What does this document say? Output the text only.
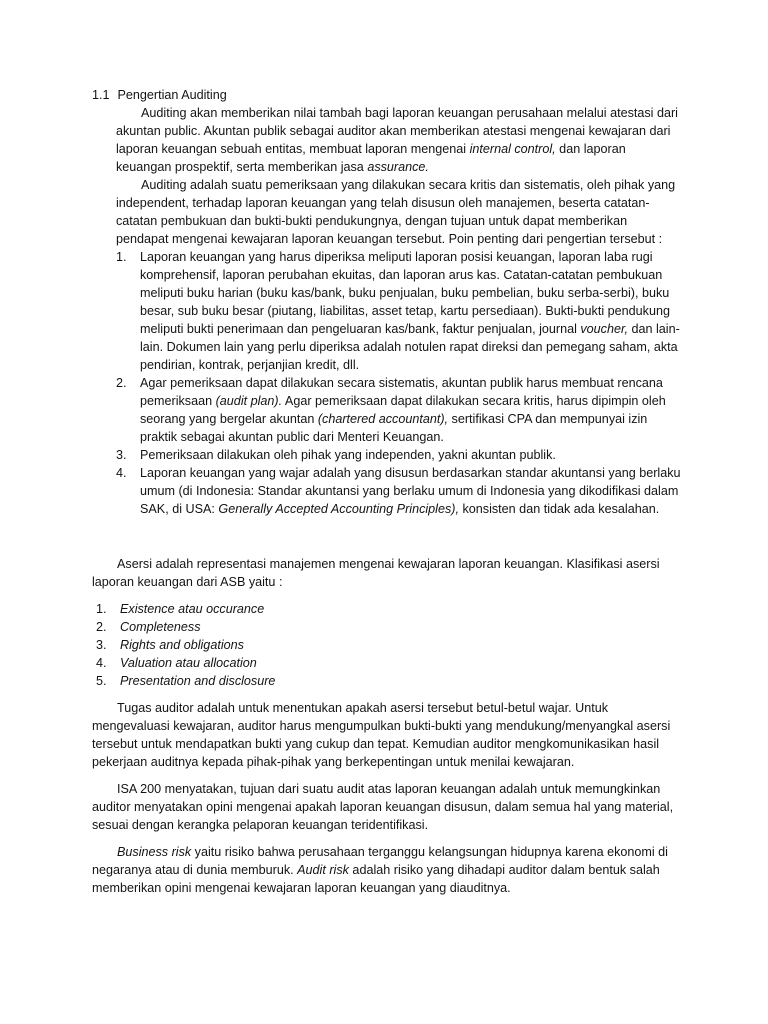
1.1 Pengertian Auditing

Auditing akan memberikan nilai tambah bagi laporan keuangan perusahaan melalui atestasi dari akuntan public. Akuntan publik sebagai auditor akan memberikan atestasi mengenai kewajaran dari laporan keuangan sebuah entitas, membuat laporan mengenai internal control, dan laporan keuangan prospektif, serta memberikan jasa assurance.

Auditing adalah suatu pemeriksaan yang dilakukan secara kritis dan sistematis, oleh pihak yang independent, terhadap laporan keuangan yang telah disusun oleh manajemen, beserta catatan-catatan pembukuan dan bukti-bukti pendukungnya, dengan tujuan untuk dapat memberikan pendapat mengenai kewajaran laporan keuangan tersebut. Poin penting dari pengertian tersebut :

1. Laporan keuangan yang harus diperiksa meliputi laporan posisi keuangan, laporan laba rugi komprehensif, laporan perubahan ekuitas, dan laporan arus kas. Catatan-catatan pembukuan meliputi buku harian (buku kas/bank, buku penjualan, buku pembelian, buku serba-serbi), buku besar, sub buku besar (piutang, liabilitas, asset tetap, kartu persediaan). Bukti-bukti pendukung meliputi bukti penerimaan dan pengeluaran kas/bank, faktur penjualan, journal voucher, dan lain-lain. Dokumen lain yang perlu diperiksa adalah notulen rapat direksi dan pemegang saham, akta pendirian, kontrak, perjanjian kredit, dll.
2. Agar pemeriksaan dapat dilakukan secara sistematis, akuntan publik harus membuat rencana pemeriksaan (audit plan). Agar pemeriksaan dapat dilakukan secara kritis, harus dipimpin oleh seorang yang bergelar akuntan (chartered accountant), sertifikasi CPA dan mempunyai izin praktik sebagai akuntan public dari Menteri Keuangan.
3. Pemeriksaan dilakukan oleh pihak yang independen, yakni akuntan publik.
4. Laporan keuangan yang wajar adalah yang disusun berdasarkan standar akuntansi yang berlaku umum (di Indonesia: Standar akuntansi yang berlaku umum di Indonesia yang dikodifikasi dalam SAK, di USA: Generally Accepted Accounting Principles), konsisten dan tidak ada kesalahan.

Asersi adalah representasi manajemen mengenai kewajaran laporan keuangan. Klasifikasi asersi laporan keuangan dari ASB yaitu :

1. Existence atau occurance
2. Completeness
3. Rights and obligations
4. Valuation atau allocation
5. Presentation and disclosure

Tugas auditor adalah untuk menentukan apakah asersi tersebut betul-betul wajar. Untuk mengevaluasi kewajaran, auditor harus mengumpulkan bukti-bukti yang mendukung/menyangkal asersi tersebut untuk mendapatkan bukti yang cukup dan tepat. Kemudian auditor mengkomunikasikan hasil pekerjaan auditnya kepada pihak-pihak yang berkepentingan untuk menilai kewajaran.

ISA 200 menyatakan, tujuan dari suatu audit atas laporan keuangan adalah untuk memungkinkan auditor menyatakan opini mengenai apakah laporan keuangan disusun, dalam semua hal yang material, sesuai dengan kerangka pelaporan keuangan teridentifikasi.

Business risk yaitu risiko bahwa perusahaan terganggu kelangsungan hidupnya karena ekonomi di negaranya atau di dunia memburuk. Audit risk adalah risiko yang dihadapi auditor dalam bentuk salah memberikan opini mengenai kewajaran laporan keuangan yang diauditnya.
